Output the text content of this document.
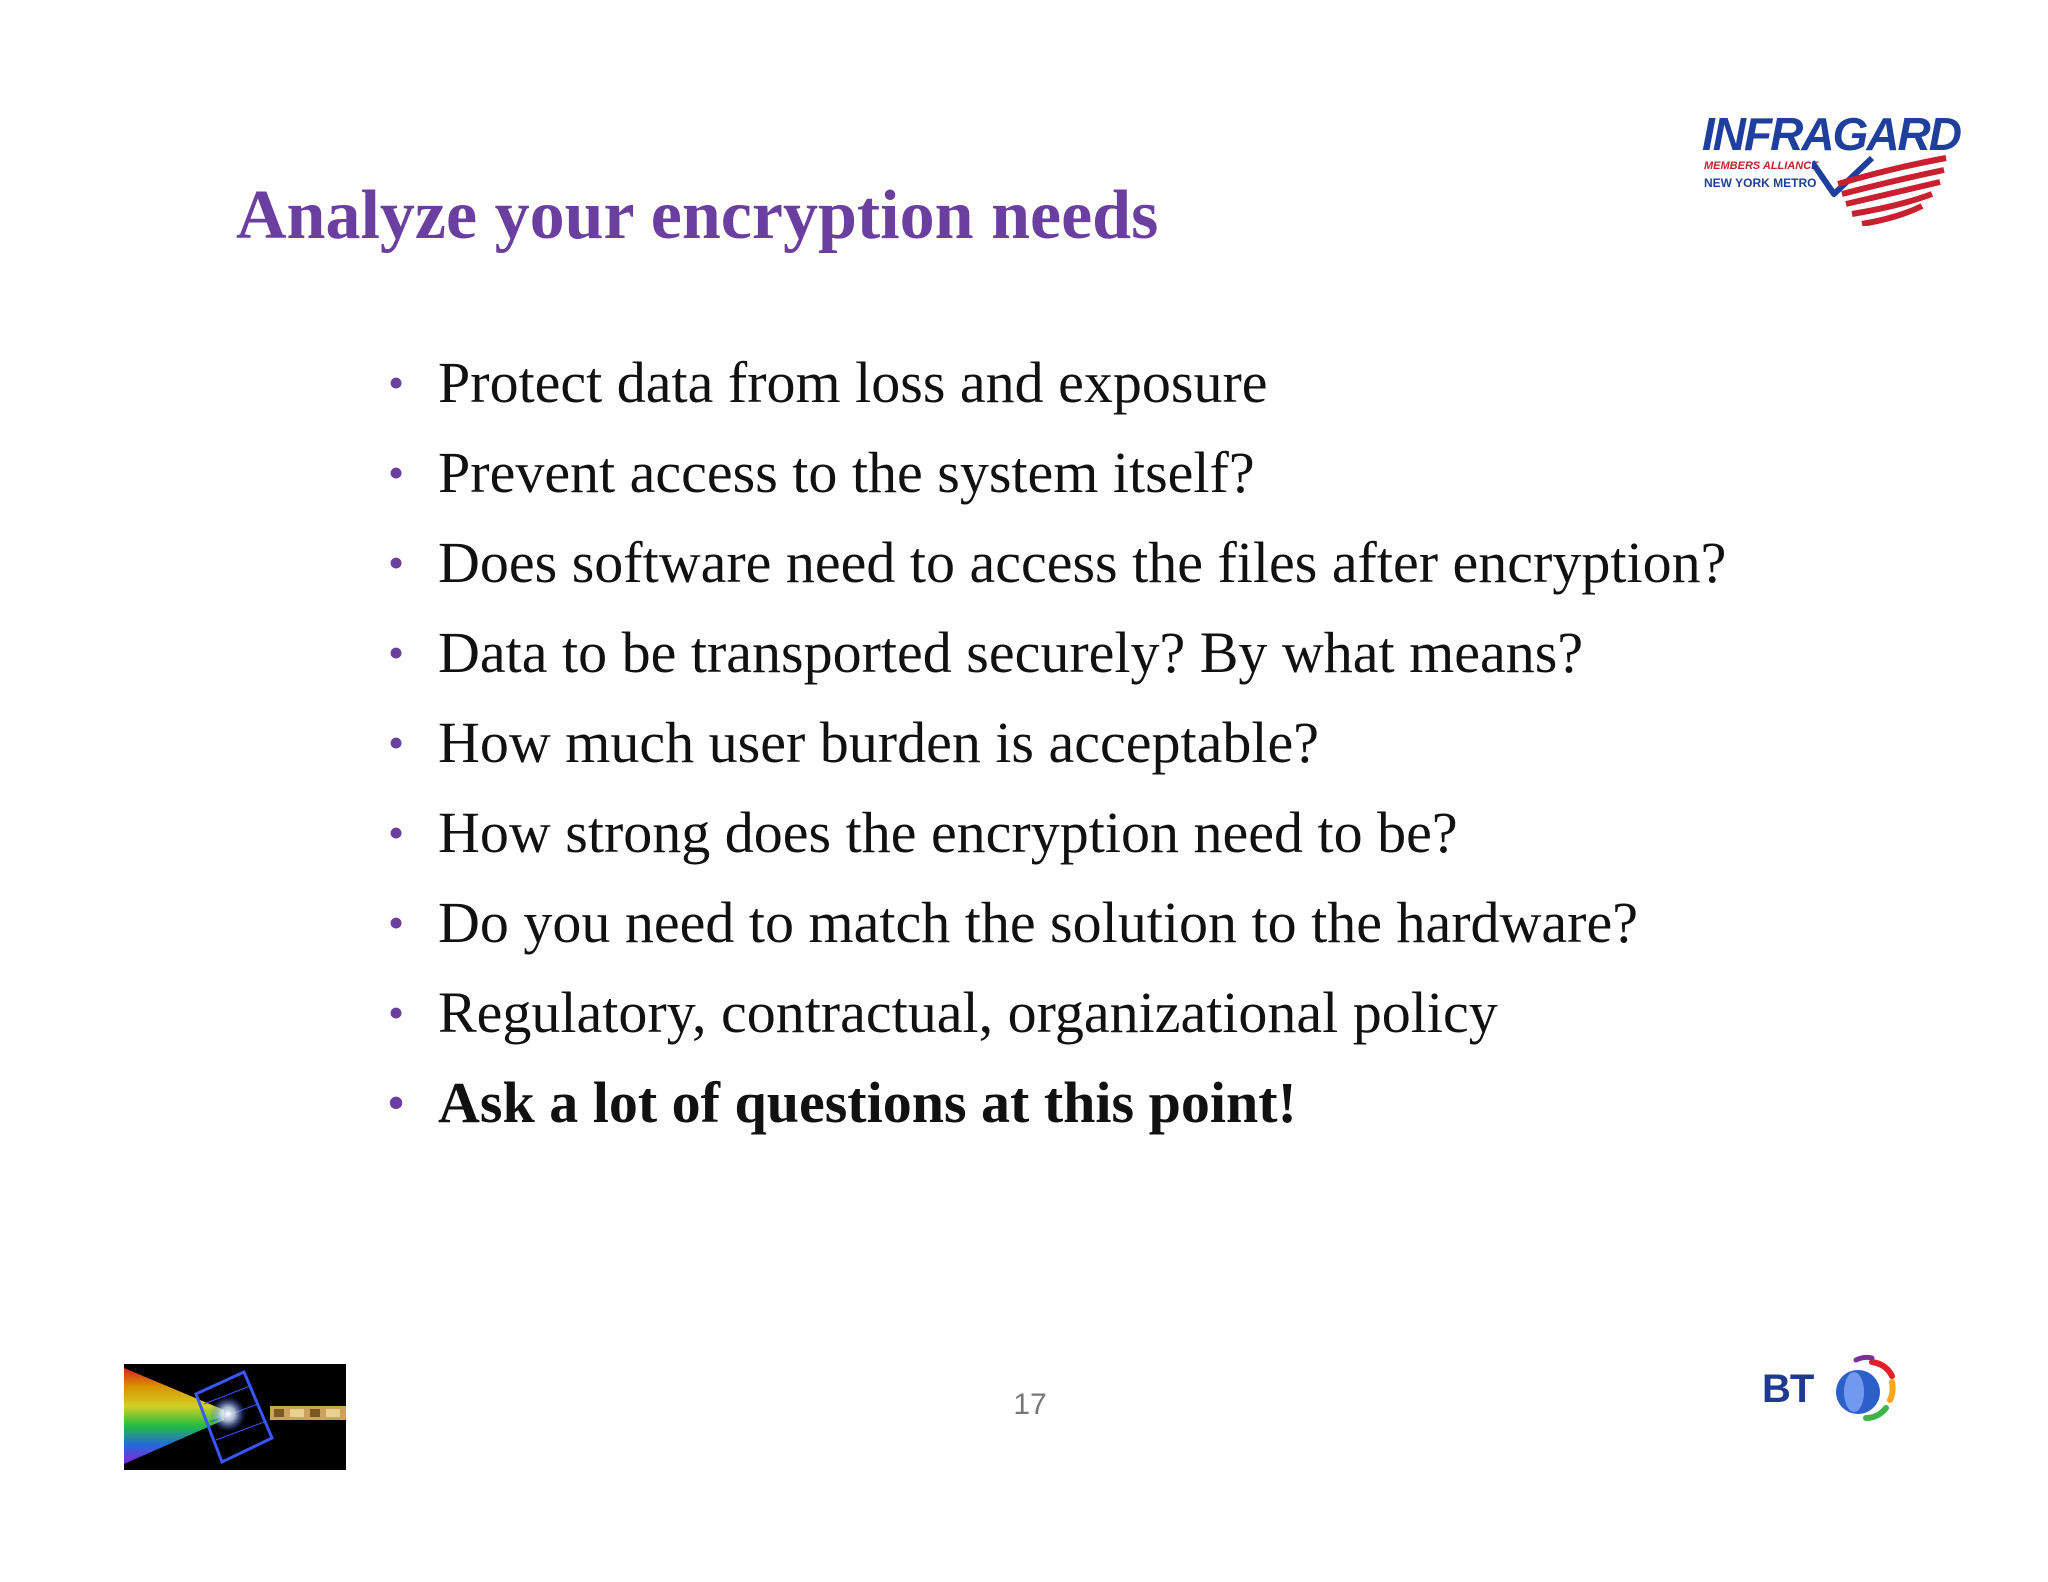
INFRAGARD
MEMBERS ALLIANCE
NEW YORK METRO
Analyze your encryption needs
• Protect data from loss and exposure
• Prevent access to the system itself?
• Does software need to access the files after encryption?
• Data to be transported securely? By what means?
• How much user burden is acceptable?
• How strong does the encryption need to be?
• Do you need to match the solution to the hardware?
• Regulatory, contractual, organizational policy
• Ask a lot of questions at this point!
17	BT
